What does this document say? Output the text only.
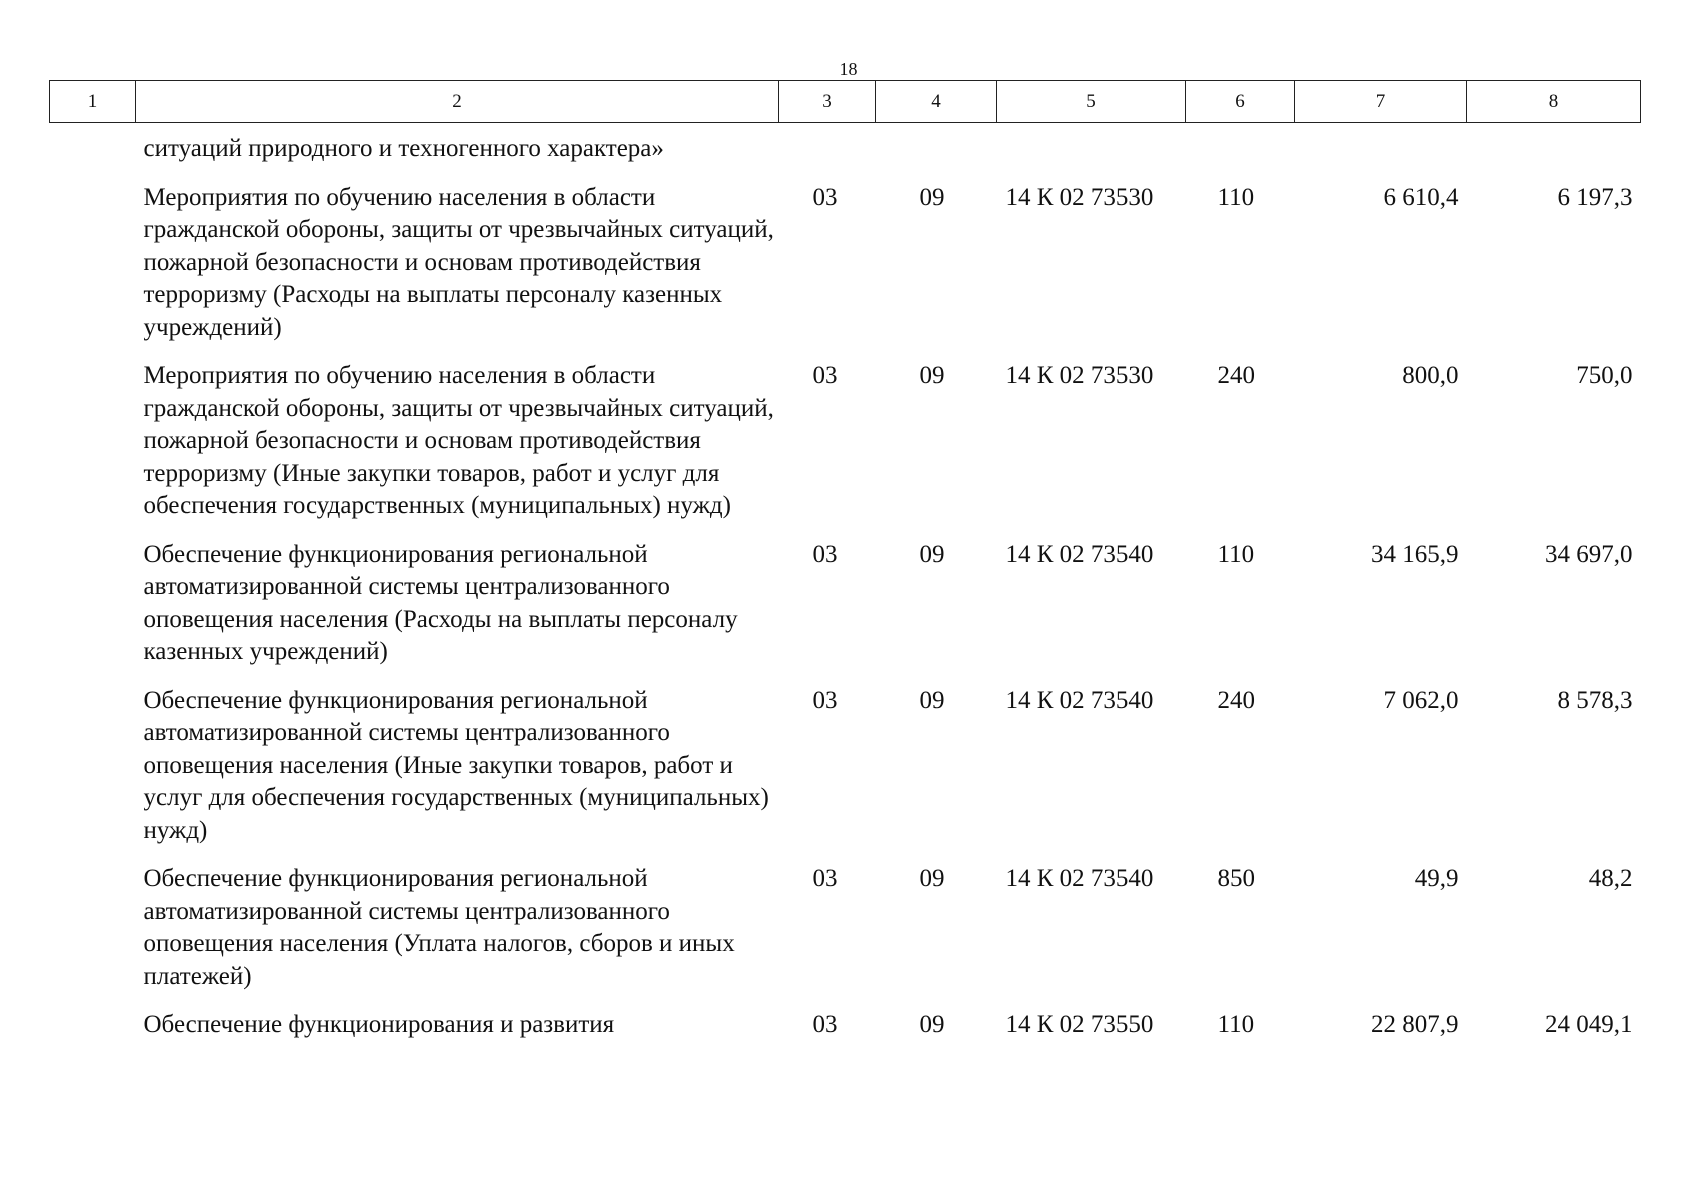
18
1	2	3	4	5	6	7	8
	ситуаций природного и техногенного характера»						
	Мероприятия по обучению населения в области гражданской обороны, защиты от чрезвычайных ситуаций, пожарной безопасности и основам противодействия терроризму (Расходы на выплаты персоналу казенных учреждений)	03	09	14 К 02 73530	110	6 610,4	6 197,3
	Мероприятия по обучению населения в области гражданской обороны, защиты от чрезвычайных ситуаций, пожарной безопасности и основам противодействия терроризму (Иные закупки товаров, работ и услуг для обеспечения государственных (муниципальных) нужд)	03	09	14 К 02 73530	240	800,0	750,0
	Обеспечение функционирования региональной автоматизированной системы централизованного оповещения населения (Расходы на выплаты персоналу казенных учреждений)	03	09	14 К 02 73540	110	34 165,9	34 697,0
	Обеспечение функционирования региональной автоматизированной системы централизованного оповещения населения (Иные закупки товаров, работ и услуг для обеспечения государственных (муниципальных) нужд)	03	09	14 К 02 73540	240	7 062,0	8 578,3
	Обеспечение функционирования региональной автоматизированной системы централизованного оповещения населения (Уплата налогов, сборов и иных платежей)	03	09	14 К 02 73540	850	49,9	48,2
	Обеспечение функционирования и развития	03	09	14 К 02 73550	110	22 807,9	24 049,1
